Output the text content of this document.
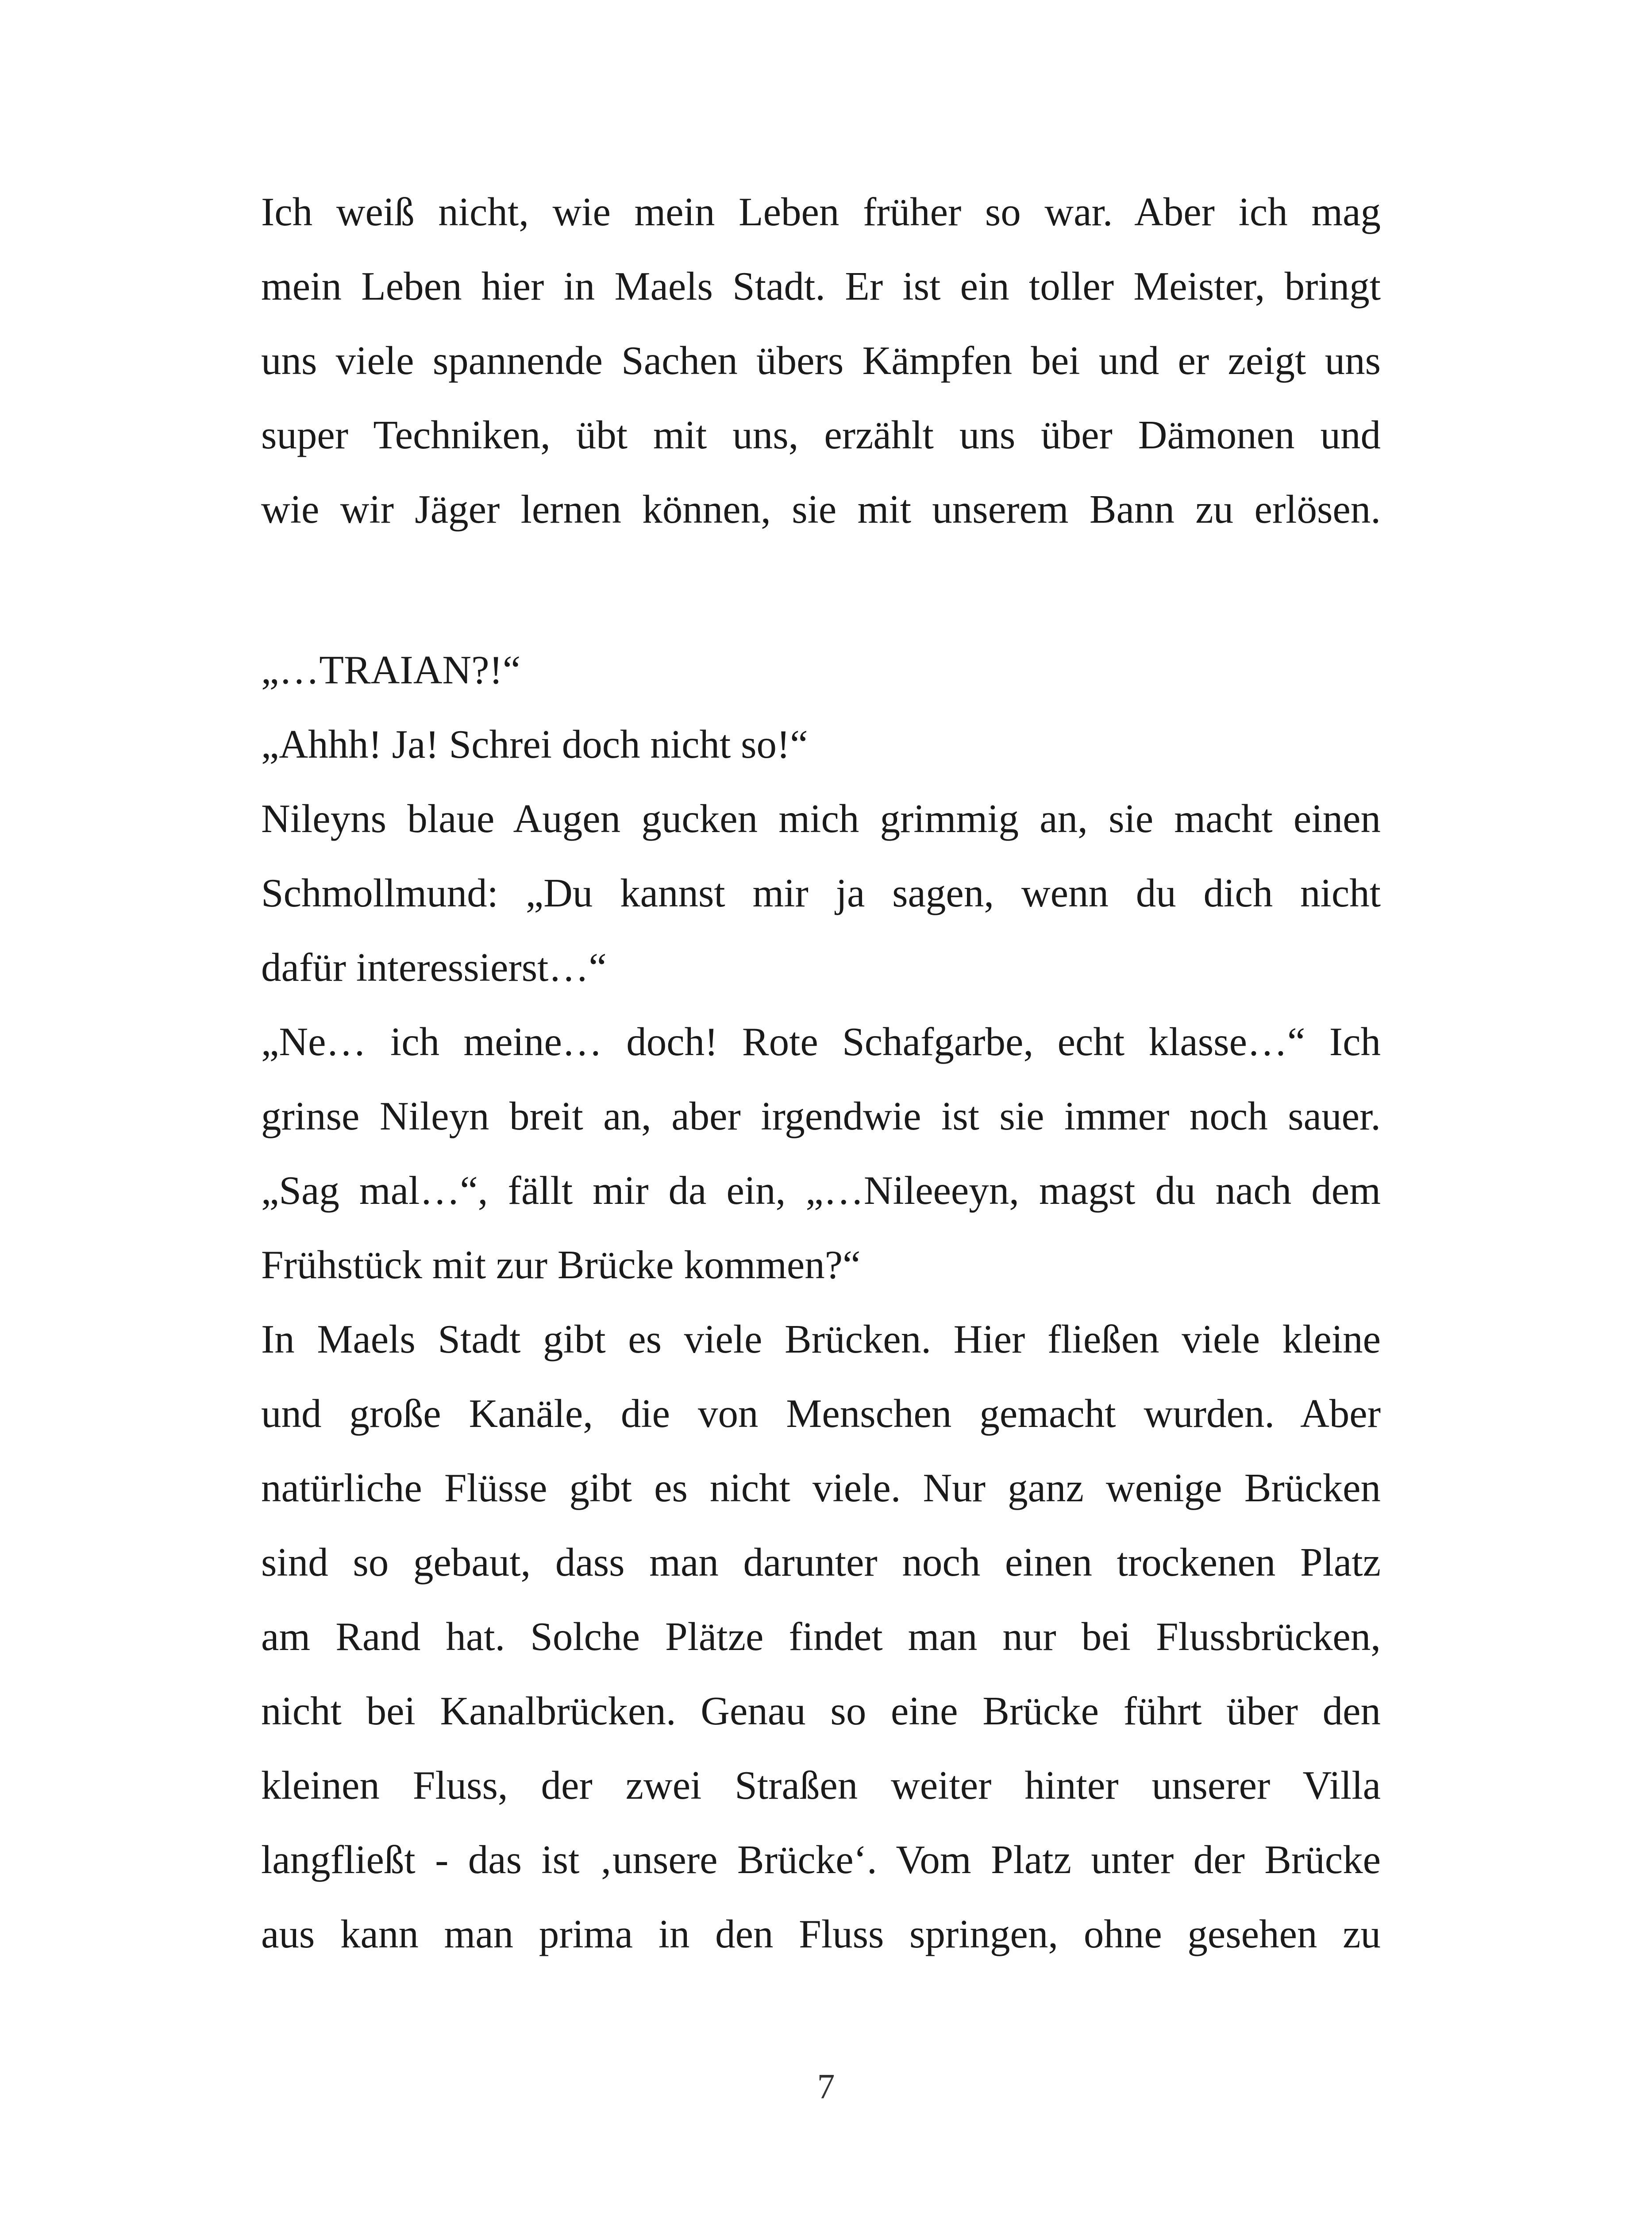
Ich weiß nicht, wie mein Leben früher so war. Aber ich mag
mein Leben hier in Maels Stadt. Er ist ein toller Meister, bringt
uns viele spannende Sachen übers Kämpfen bei und er zeigt uns
super Techniken, übt mit uns, erzählt uns über Dämonen und
wie wir Jäger lernen können, sie mit unserem Bann zu erlösen.
„…TRAIAN?!“
„Ahhh! Ja! Schrei doch nicht so!“
Nileyns blaue Augen gucken mich grimmig an, sie macht einen
Schmollmund: „Du kannst mir ja sagen, wenn du dich nicht
dafür interessierst…“
„Ne… ich meine… doch! Rote Schafgarbe, echt klasse…“ Ich
grinse Nileyn breit an, aber irgendwie ist sie immer noch sauer.
„Sag mal…“, fällt mir da ein, „…Nileeeyn, magst du nach dem
Frühstück mit zur Brücke kommen?“
In Maels Stadt gibt es viele Brücken. Hier fließen viele kleine
und große Kanäle, die von Menschen gemacht wurden. Aber
natürliche Flüsse gibt es nicht viele. Nur ganz wenige Brücken
sind so gebaut, dass man darunter noch einen trockenen Platz
am Rand hat. Solche Plätze findet man nur bei Flussbrücken,
nicht bei Kanalbrücken. Genau so eine Brücke führt über den
kleinen Fluss, der zwei Straßen weiter hinter unserer Villa
langfließt - das ist ‚unsere Brücke‘. Vom Platz unter der Brücke
aus kann man prima in den Fluss springen, ohne gesehen zu
7
